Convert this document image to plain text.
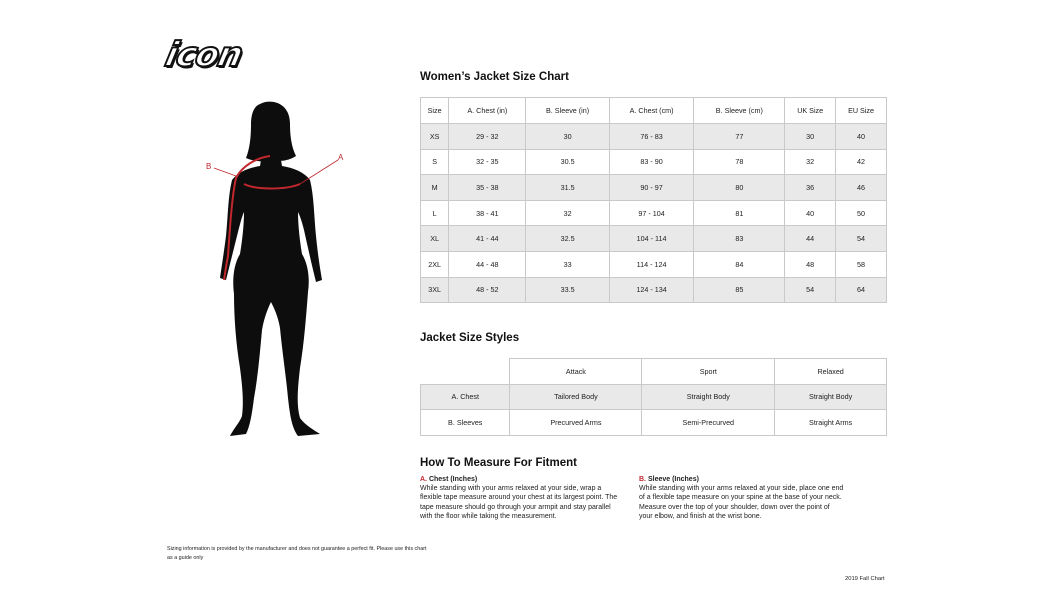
icon
A
B
Women’s Jacket Size Chart
Size	A. Chest (in)	B. Sleeve (in)	A. Chest (cm)	B. Sleeve (cm)	UK Size	EU Size
XS	29 - 32	30	76 - 83	77	30	40
S	32 - 35	30.5	83 - 90	78	32	42
M	35 - 38	31.5	90 - 97	80	36	46
L	38 - 41	32	97 - 104	81	40	50
XL	41 - 44	32.5	104 - 114	83	44	54
2XL	44 - 48	33	114 - 124	84	48	58
3XL	48 - 52	33.5	124 - 134	85	54	64
Jacket Size Styles
	Attack	Sport	Relaxed
A. Chest	Tailored Body	Straight Body	Straight Body
B. Sleeves	Precurved Arms	Semi-Precurved	Straight Arms
How To Measure For Fitment
A. Chest (Inches)
While standing with your arms relaxed at your side, wrap a flexible tape measure around your chest at its largest point. The tape measure should go through your armpit and stay parallel with the floor while taking the measurement.
B. Sleeve (Inches)
While standing with your arms relaxed at your side, place one end of a flexible tape measure on your spine at the base of your neck. Measure over the top of your shoulder, down over the point of your elbow, and finish at the wrist bone.
Sizing information is provided by the manufacturer and does not guarantee a perfect fit. Please use this chart as a guide only
2019 Fall Chart
